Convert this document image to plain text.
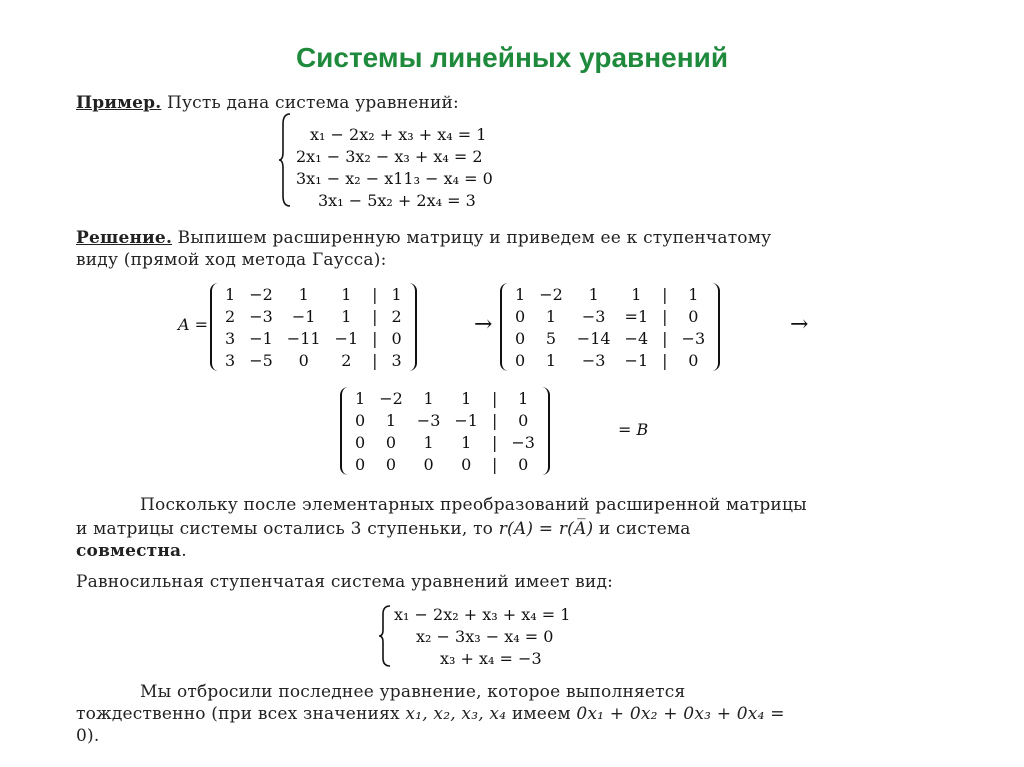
Системы линейных уравнений
Пример. Пусть дана система уравнений:
x₁ − 2x₂ + x₃ + x₄ = 1
2x₁ − 3x₂ − x₃ + x₄ = 2
3x₁ − x₂ − x11₃ − x₄ = 0
3x₁ − 5x₂ + 2x₄ = 3
Решение. Выпишем расширенную матрицу и приведем ее к ступенчатому
виду (прямой ход метода Гаусса):
A =
1	−2	1	1	|	1
2	−3	−1	1	|	2
3	−1	−11	−1	|	0
3	−5	0	2	|	3
→
1	−2	1	1	|	1
0	1	−3	=1	|	0
0	5	−14	−4	|	−3
0	1	−3	−1	|	0
→
1	−2	1	1	|	1
0	1	−3	−1	|	0
0	0	1	1	|	−3
0	0	0	0	|	0
= B
Поскольку после элементарных преобразований расширенной матрицы
и матрицы системы остались 3 ступеньки, то r(A) = r(A̅) и система
совместна.
Равносильная ступенчатая система уравнений имеет вид:
x₁ − 2x₂ + x₃ + x₄ = 1
x₂ − 3x₃ − x₄ = 0
x₃ + x₄ = −3
Мы отбросили последнее уравнение, которое выполняется
тождественно (при всех значениях x₁, x₂, x₃, x₄ имеем 0x₁ + 0x₂ + 0x₃ + 0x₄ =
0).
